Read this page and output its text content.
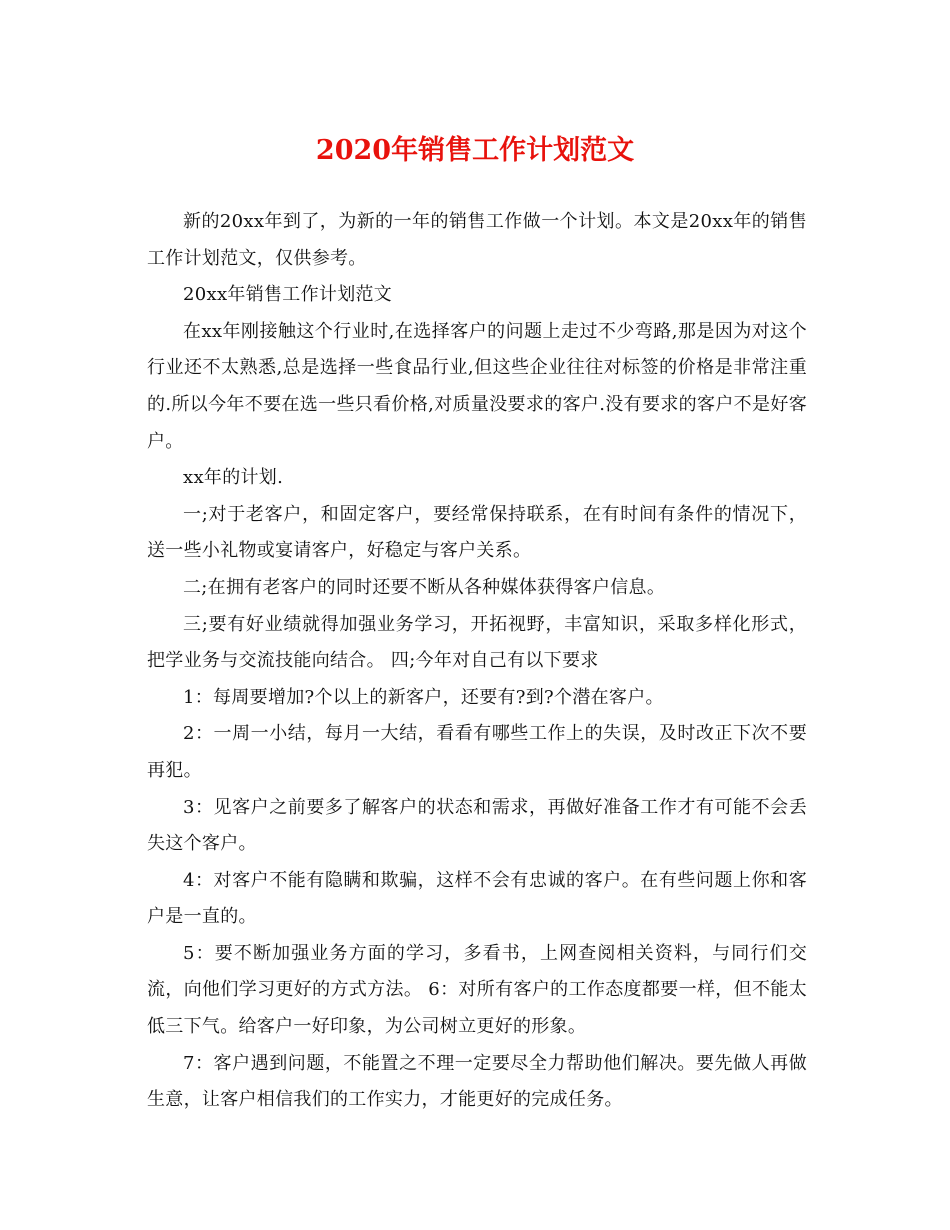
2020年销售工作计划范文

新的20xx年到了，为新的一年的销售工作做一个计划。本文是20xx年的销售工作计划范文，仅供参考。

20xx年销售工作计划范文

在xx年刚接触这个行业时,在选择客户的问题上走过不少弯路,那是因为对这个行业还不太熟悉,总是选择一些食品行业,但这些企业往往对标签的价格是非常注重的.所以今年不要在选一些只看价格,对质量没要求的客户.没有要求的客户不是好客户。

xx年的计划.

一;对于老客户，和固定客户，要经常保持联系，在有时间有条件的情况下，送一些小礼物或宴请客户，好稳定与客户关系。

二;在拥有老客户的同时还要不断从各种媒体获得客户信息。

三;要有好业绩就得加强业务学习，开拓视野，丰富知识，采取多样化形式，把学业务与交流技能向结合。 四;今年对自己有以下要求

1：每周要增加?个以上的新客户，还要有?到?个潜在客户。

2：一周一小结，每月一大结，看看有哪些工作上的失误，及时改正下次不要再犯。

3：见客户之前要多了解客户的状态和需求，再做好准备工作才有可能不会丢失这个客户。

4：对客户不能有隐瞒和欺骗，这样不会有忠诚的客户。在有些问题上你和客户是一直的。

5：要不断加强业务方面的学习，多看书，上网查阅相关资料，与同行们交流，向他们学习更好的方式方法。 6：对所有客户的工作态度都要一样，但不能太低三下气。给客户一好印象，为公司树立更好的形象。

7：客户遇到问题，不能置之不理一定要尽全力帮助他们解决。要先做人再做生意，让客户相信我们的工作实力，才能更好的完成任务。
